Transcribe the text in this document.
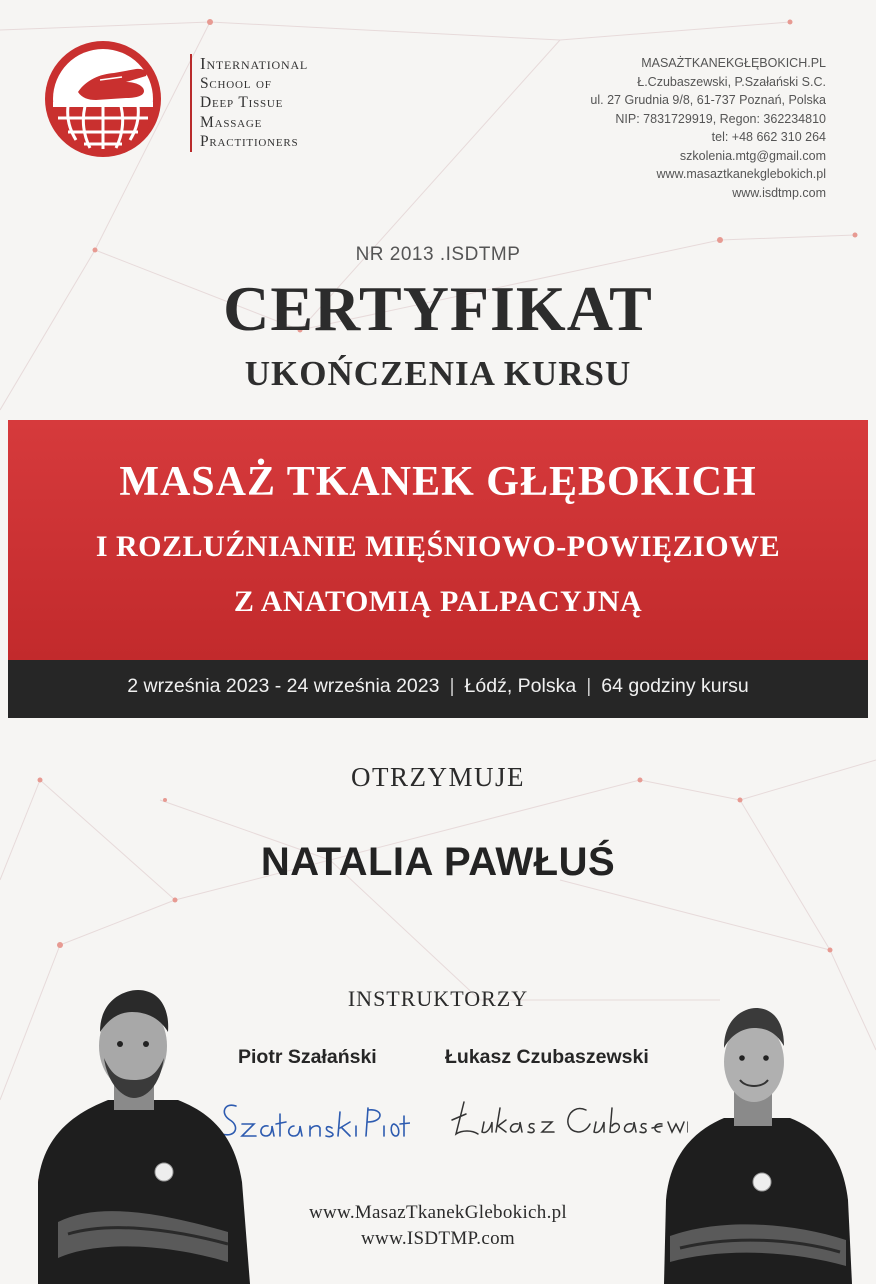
International
School of
Deep Tissue
Massage
Practitioners
MASAŻTKANEKGŁĘBOKICH.PL
Ł.Czubaszewski, P.Szałański S.C.
ul. 27 Grudnia 9/8, 61-737 Poznań, Polska
NIP: 7831729919, Regon: 362234810
tel: +48 662 310 264
szkolenia.mtg@gmail.com
www.masaztkanekglebokich.pl
www.isdtmp.com
NR 2013 .ISDTMP
CERTYFIKAT
UKOŃCZENIA KURSU
MASAŻ TKANEK GŁĘBOKICH
I ROZLUŹNIANIE MIĘŚNIOWO-POWIĘZIOWE
Z ANATOMIĄ PALPACYJNĄ
2 września 2023 - 24 września 2023 | Łódź, Polska | 64 godziny kursu
OTRZYMUJE
NATALIA PAWŁUŚ
INSTRUKTORZY
Piotr Szałański	Łukasz Czubaszewski
www.MasazTkanekGlebokich.pl
www.ISDTMP.com
